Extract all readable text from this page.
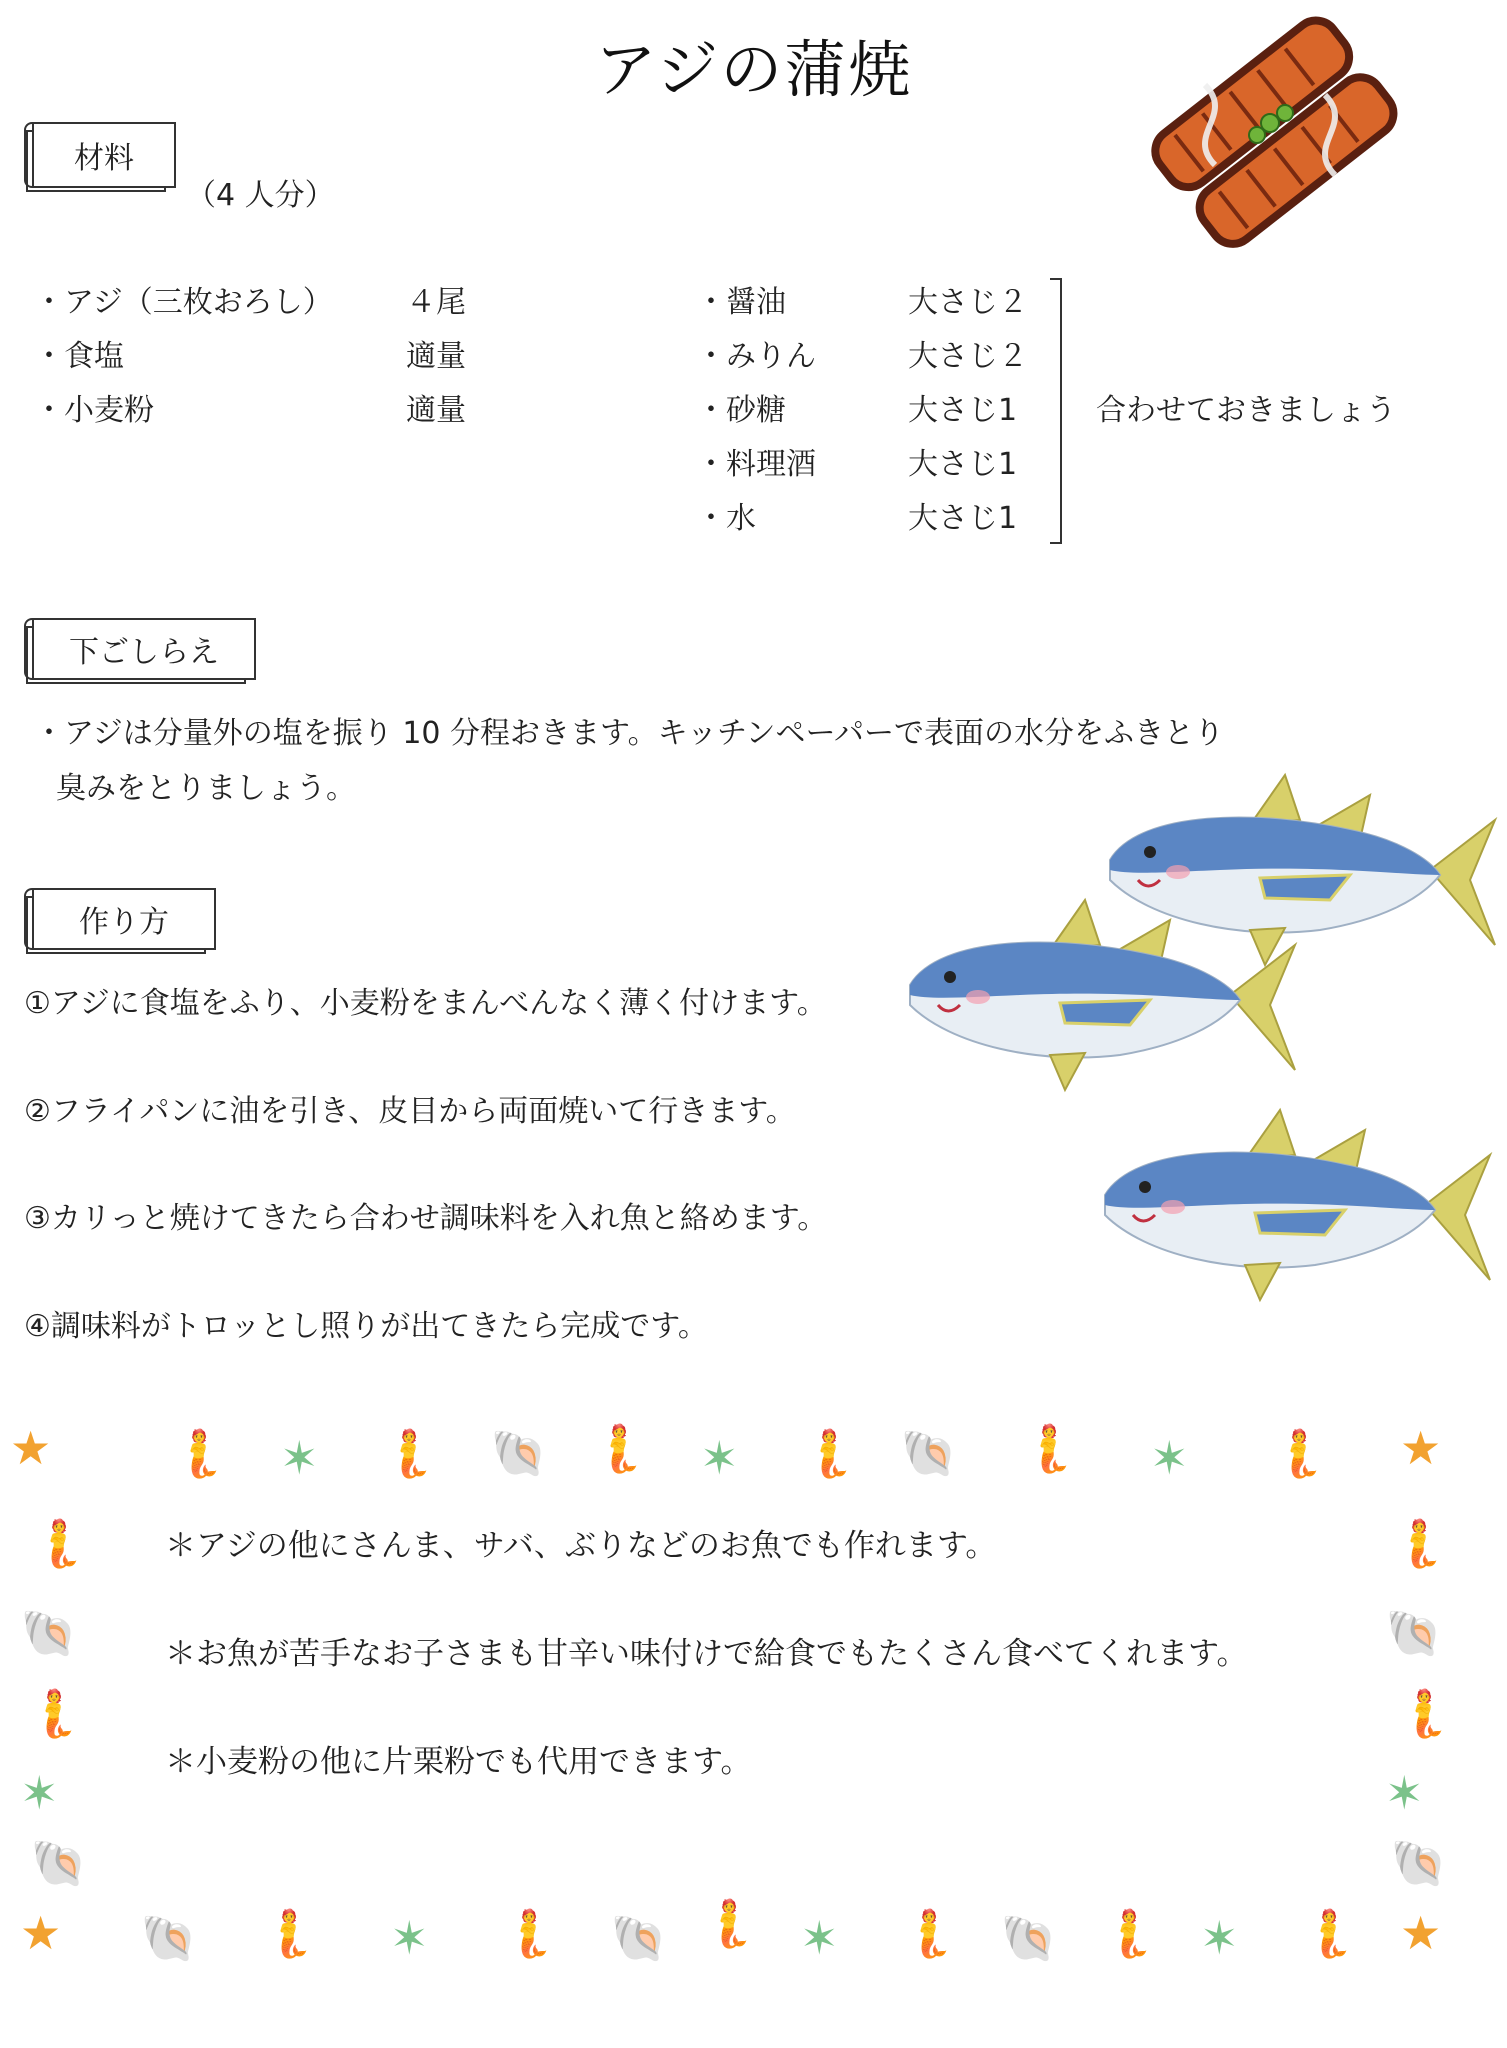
アジの蒲焼
材料
（4 人分）
・アジ（三枚おろし） ４尾
・食塩	適量
・小麦粉	適量
・醤油	大さじ２
・みりん	大さじ２
・砂糖	大さじ1
・料理酒	大さじ1
・水	大さじ1
合わせておきましょう
下ごしらえ
・アジは分量外の塩を振り 10 分程おきます。キッチンペーパーで表面の水分をふきとり
臭みをとりましょう。
作り方
①アジに食塩をふり、小麦粉をまんべんなく薄く付けます。
②フライパンに油を引き、皮目から両面焼いて行きます。
③カリっと焼けてきたら合わせ調味料を入れ魚と絡めます。
④調味料がトロッとし照りが出てきたら完成です。
★	🧜 ✶ 🧜 🐚 🧜 ✶ 🧜 🐚 🧜 ✶ 🧜 ★
🧜
🐚
🧜
✶
🐚
🧜
🐚
🧜
✶
🐚
★ 🐚 🧜 ✶ 🧜 🐚 🧜 ✶ 🧜 🐚 🧜 ✶ 🧜 ★
＊アジの他にさんま、サバ、ぶりなどのお魚でも作れます。
＊お魚が苦手なお子さまも甘辛い味付けで給食でもたくさん食べてくれます。
＊小麦粉の他に片栗粉でも代用できます。
